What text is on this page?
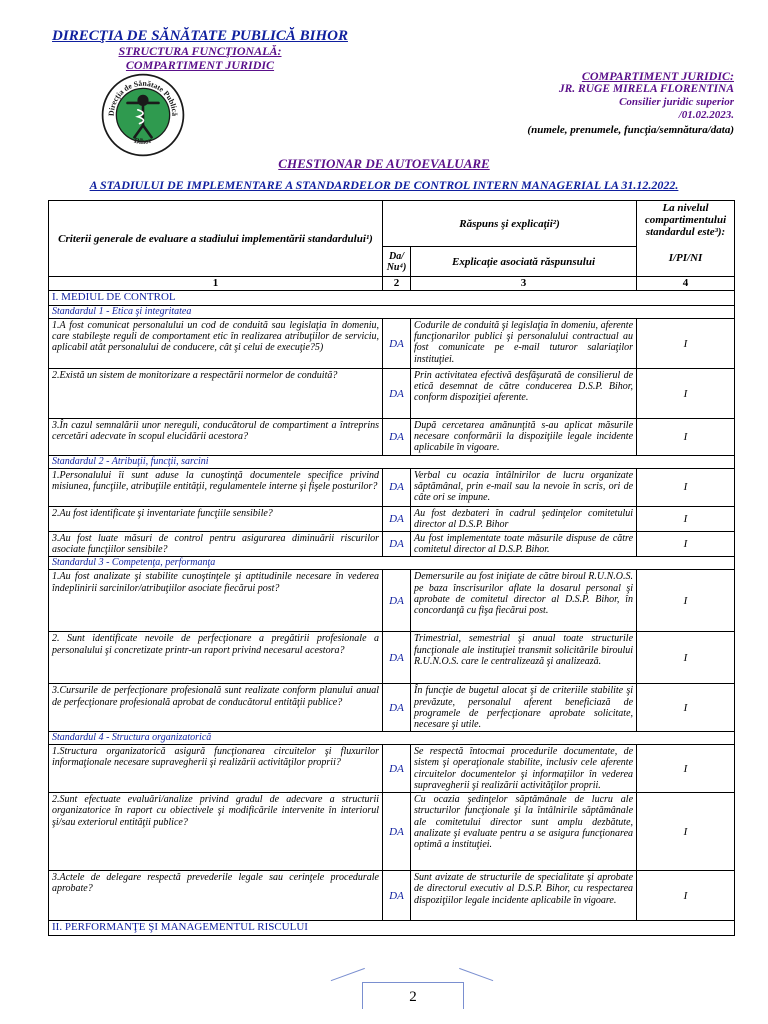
DIRECŢIA DE SĂNĂTATE PUBLICĂ BIHOR
STRUCTURA FUNCŢIONALĂ:
COMPARTIMENT JURIDIC
Direcţia de Sănătate Publică
Bihor
COMPARTIMENT JURIDIC:
JR. RUGE MIRELA FLORENTINA
Consilier juridic superior
/01.02.2023.
(numele, prenumele, funcţia/semnătura/data)
CHESTIONAR DE AUTOEVALUARE
A STADIULUI DE IMPLEMENTARE A STANDARDELOR DE CONTROL INTERN MANAGERIAL LA 31.12.2022.
Criterii generale de evaluare a stadiului implementării standardului¹)	Răspuns şi explicaţii²)		La nivelul compartimentului standardul este³):
I/PI/NI

	Da/ Nu⁴)	Explicaţie asociată răspunsului	
1	2	3	4
I. MEDIUL DE CONTROL			
Standardul 1 - Etica şi integritatea			
1.A fost comunicat personalului un cod de conduită sau legislaţia în domeniu, care stabileşte reguli de comportament etic în realizarea atribuţiilor de serviciu, aplicabil atât personalului de conducere, cât şi celui de execuţie?5)	DA	Codurile de conduită şi legislaţia în domeniu, aferente funcţionarilor publici şi personalului contractual au fost comunicate pe e-mail tuturor salariaţilor instituţiei.	I
2.Există un sistem de monitorizare a respectării normelor de conduită?	DA	Prin activitatea efectivă desfăşurată de consilierul de etică desemnat de către conducerea D.S.P. Bihor, conform dispoziţiei aferente.	I
3.În cazul semnalării unor nereguli, conducătorul de compartiment a întreprins cercetări adecvate în scopul elucidării acestora?	DA	După cercetarea amănunţită s-au aplicat măsurile necesare conformării la dispoziţiile legale incidente aplicabile în vigoare.	I
Standardul 2 - Atribuţii, funcţii, sarcini			
1.Personalului îi sunt aduse la cunoştinţă documentele specifice privind misiunea, funcţiile, atribuţiile entităţii, regulamentele interne şi fişele posturilor?	DA	Verbal cu ocazia întâlnirilor de lucru organizate săptămânal, prin e-mail sau la nevoie în scris, ori de câte ori se impune.	I
2.Au fost identificate şi inventariate funcţiile sensibile?	DA	Au fost dezbateri în cadrul şedinţelor comitetului director al D.S.P. Bihor	I
3.Au fost luate măsuri de control pentru asigurarea diminuării riscurilor asociate funcţiilor sensibile?	DA	Au fost implementate toate măsurile dispuse de către comitetul director al D.S.P. Bihor.	I
Standardul 3 - Competenţa, performanţa			
1.Au fost analizate şi stabilite cunoştinţele şi aptitudinile necesare în vederea îndeplinirii sarcinilor/atribuţiilor asociate fiecărui post?	DA	Demersurile au fost iniţiate de către biroul R.U.N.O.S. pe baza înscrisurilor aflate la dosarul personal şi aprobate de comitetul director al D.S.P. Bihor, în concordanţă cu fişa fiecărui post.	I
2. Sunt identificate nevoile de perfecţionare a pregătirii profesionale a personalului şi concretizate printr-un raport privind necesarul acestora?	DA	Trimestrial, semestrial şi anual toate structurile funcţionale ale instituţiei transmit solicitările biroului R.U.N.O.S. care le centralizează şi analizează.	I
3.Cursurile de perfecţionare profesională sunt realizate conform planului anual de perfecţionare profesională aprobat de conducătorul entităţii publice?	DA	În funcţie de bugetul alocat şi de criteriile stabilite şi prevăzute, personalul aferent beneficiază de programele de perfecţionare aprobate solicitate, necesare şi utile.	I
Standardul 4 - Structura organizatorică			
1.Structura organizatorică asigură funcţionarea circuitelor şi fluxurilor informaţionale necesare supravegherii şi realizării activităţilor proprii?	DA	Se respectă întocmai procedurile documentate, de sistem şi operaţionale stabilite, inclusiv cele aferente circuitelor documentelor şi informaţiilor în vederea supravegherii şi realizării activităţilor proprii.	I
2.Sunt efectuate evaluări/analize privind gradul de adecvare a structurii organizatorice în raport cu obiectivele şi modificările intervenite în interiorul şi/sau exteriorul entităţii publice?	DA	Cu ocazia şedinţelor săptămânale de lucru ale structurilor funcţionale şi la întâlnirile săptămânale ale comitetului director sunt amplu dezbătute, analizate şi evaluate pentru a se asigura funcţionarea optimă a instituţiei.	I
3.Actele de delegare respectă prevederile legale sau cerinţele procedurale aprobate?	DA	Sunt avizate de structurile de specialitate şi aprobate de directorul executiv al D.S.P. Bihor, cu respectarea dispoziţiilor legale incidente aplicabile în vigoare.	I
II. PERFORMANŢE ŞI MANAGEMENTUL RISCULUI			
2
